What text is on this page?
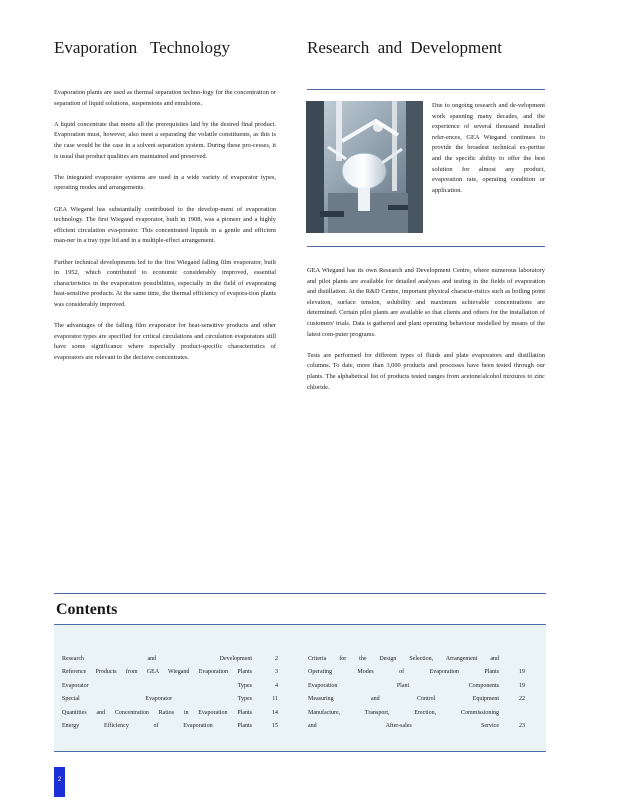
Evaporation Technology	Research and Development

Evaporation plants are used as thermal separation techno-logy for the concentration or separation of liquid solutions, suspensions and emulsions.

A liquid concentrate that meets all the prerequisites laid by the desired final product. Evaporation must, however, also meet a separating the volatile constituents, as this is the case would be the case in a solvent separation system. During these pro-cesses, it is usual that product qualities are maintained and preserved.

The integrated evaporator systems are used in a wide variety of evaporator types, operating modes and arrangements.

GEA Wiegand has substantially contributed to the develop-ment of evaporation technology. The first Wiegand evaporator, built in 1908, was a pioneer and a highly efficient circulation eva-porator. This concentrated liquids in a gentle and efficient man-ner in a tray type lid and in a multiple-effect arrangement.

Further technical developments led to the first Wiegand falling film evaporator, built in 1952, which contributed to economic considerably improved, essential characteristics in the evaporation possibilities, especially in the field of evaporating heat-sensitive products. At the same time, the thermal efficiency of evapora-tion plants was considerably improved.

The advantages of the falling film evaporator for heat-sensitive products and other evaporator types are specified for critical circulations and circulation evaporators still have some significance where especially product-specific characteristics of evaporators are relevant to the decisive concentrates.

Due to ongoing research and de-velopment work spanning many decades, and the experience of several thousand installed refer-ences, GEA Wiegand continues to provide the broadest technical ex-pertise and the specific ability to offer the best solution for almost any product, evaporation rate, operating condition or application.

GEA Wiegand has its own Research and Development Centre, where numerous laboratory and pilot plants are available for detailed analyses and testing in the fields of evaporation and distillation. At the R&D Centre, important physical characte-ristics such as boiling point elevation, surface tension, solubility and maximum achievable concentrations are determined. Certain pilot plants are available so that clients and others for the installation of customers' trials. Data is gathered and plant operating behaviour modelled by means of the latest com-puter programs.

Tests are performed for different types of fluids and plate evaporators and distillation columns. To date, more than 3,000 products and processes have been tested through our plants. The alphabetical list of products tested ranges from acetone/alcohol mixtures to zinc chloride.

Contents
Research and Development	2
Reference Products from GEA Wiegand Evaporation Plants	3
Evaporator Types	4
Special Evaporator Types	11
Quantities and Concentration Ratios in Evaporation Plants	14
Energy Efficiency of Evaporation Plants	15
Criteria for the Design Selection, Arrangement and
Operating Modes of Evaporation Plants	19
Evaporation Plant Components	19
Measuring and Control Equipment	22
Manufacture, Transport, Erection, Commissioning
and After-sales Service	23
2
